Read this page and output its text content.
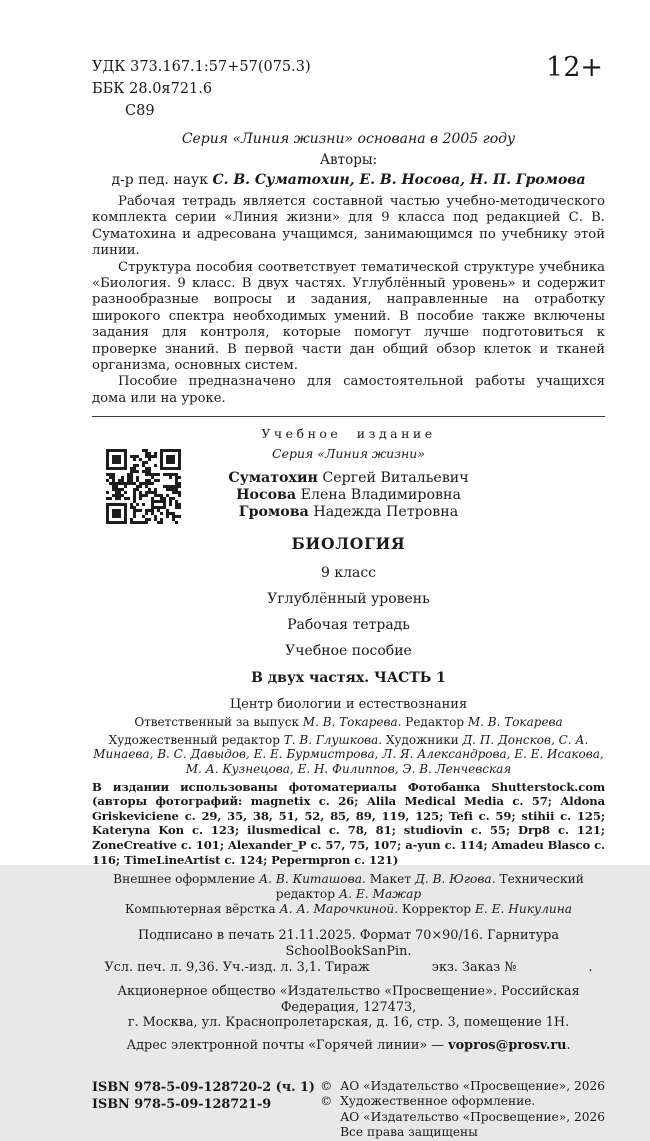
УДК 373.167.1:57+57(075.3)
ББК 28.0я721.6
С89
12+
Серия «Линия жизни» основана в 2005 году
Авторы:
д-р пед. наук С. В. Суматохин, Е. В. Носова, Н. П. Громова

Рабочая тетрадь является составной частью учебно-методического комплекта серии «Линия жизни» для 9 класса под редакцией С. В. Суматохина и адресована учащимся, занимающимся по учебнику этой линии.

Структура пособия соответствует тематической структуре учебника «Биология. 9 класс. В двух частях. Углублённый уровень» и содержит разнообразные вопросы и задания, направленные на отработку широкого спектра необходимых умений. В пособие также включены задания для контроля, которые помогут лучше подготовиться к проверке знаний. В первой части дан общий обзор клеток и тканей организма, основных систем.

Пособие предназначено для самостоятельной работы учащихся дома или на уроке.

Учебное издание
Серия «Линия жизни»
Суматохин Сергей Витальевич
Носова Елена Владимировна
Громова Надежда Петровна
БИОЛОГИЯ
9 класс
Углублённый уровень
Рабочая тетрадь
Учебное пособие
В двух частях. ЧАСТЬ 1
Центр биологии и естествознания
Ответственный за выпуск М. В. Токарева. Редактор М. В. Токарева
Художественный редактор Т. В. Глушкова. Художники Д. П. Донсков, С. А. Минаева, В. С. Давыдов, Е. Е. Бурмистрова, Л. Я. Александрова, Е. Е. Исакова, М. А. Кузнецова, Е. Н. Филиппов, Э. В. Ленчевская
В издании использованы фотоматериалы Фотобанка Shutterstock.com (авторы фотографий: magnetix с. 26; Alila Medical Media с. 57; Aldona Griskeviciene с. 29, 35, 38, 51, 52, 85, 89, 119, 125; Tefi с. 59; stihii с. 125; Kateryna Kon с. 123; ilusmedical с. 78, 81; studiovin с. 55; Drp8 с. 121; ZoneCreative с. 101; Alexander_P с. 57, 75, 107; a-yun с. 114; Amadeu Blasco с. 116; TimeLineArtist с. 124; Pepermpron с. 121)
Внешнее оформление А. В. Киташова. Макет Д. В. Югова. Технический редактор А. Е. Мажар
Компьютерная вёрстка А. А. Марочкиной. Корректор Е. Е. Никулина
Подписано в печать 21.11.2025. Формат 70×90/16. Гарнитура SchoolBookSanPin.
Усл. печ. л. 9,36. Уч.-изд. л. 3,1. Тираж	экз. Заказ №	.
Акционерное общество «Издательство «Просвещение». Российская Федерация, 127473,
г. Москва, ул. Краснопролетарская, д. 16, стр. 3, помещение 1Н.
Адрес электронной почты «Горячей линии» — vopros@prosv.ru.
ISBN 978-5-09-128720-2 (ч. 1)
ISBN 978-5-09-128721-9
© АО «Издательство «Просвещение», 2026
© Художественное оформление.
АО «Издательство «Просвещение», 2026
Все права защищены
